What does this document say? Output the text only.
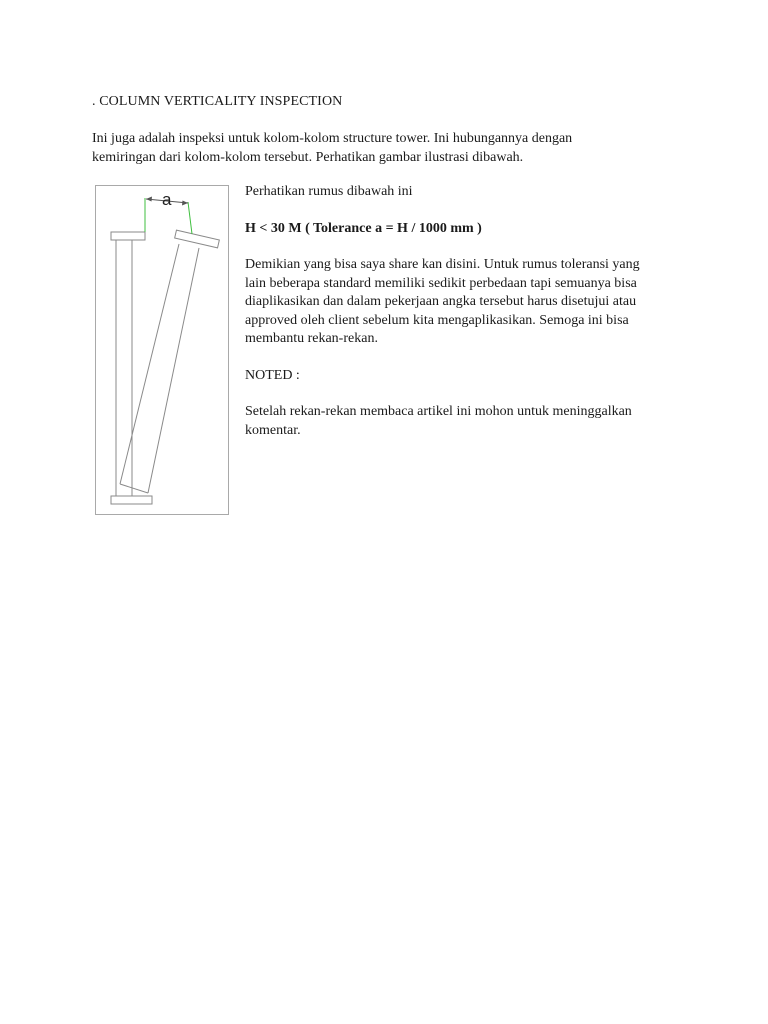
. COLUMN VERTICALITY INSPECTION

Ini juga adalah inspeksi untuk kolom-kolom structure tower. Ini hubungannya dengan

kemiringan dari kolom-kolom tersebut. Perhatikan gambar ilustrasi dibawah.

a	Perhatikan rumus dibawah ini

H < 30 M ( Tolerance a = H / 1000 mm )

Demikian yang bisa saya share kan disini. Untuk rumus toleransi yang

lain beberapa standard memiliki sedikit perbedaan tapi semuanya bisa

diaplikasikan dan dalam pekerjaan angka tersebut harus disetujui atau

approved oleh client sebelum kita mengaplikasikan. Semoga ini bisa

membantu rekan-rekan.

NOTED :

Setelah rekan-rekan membaca artikel ini mohon untuk meninggalkan

komentar.
